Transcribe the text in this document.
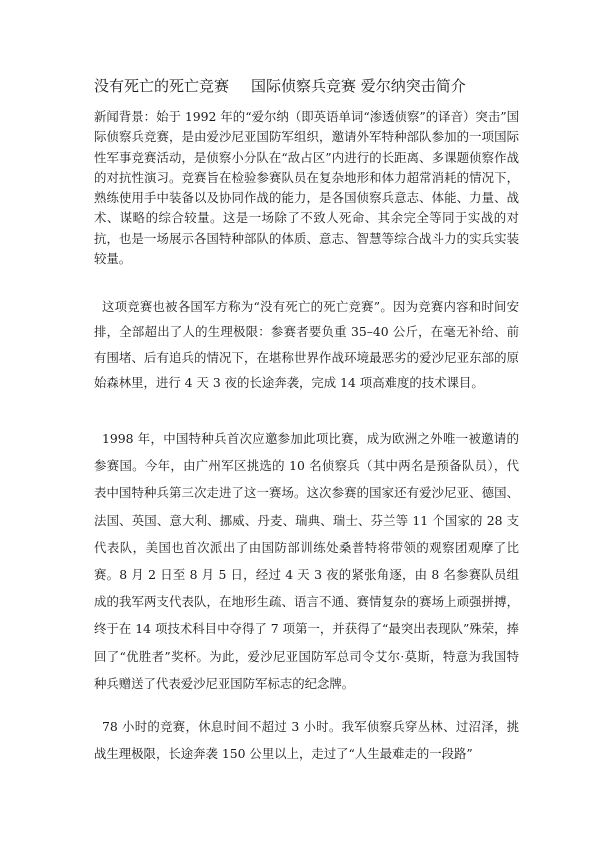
没有死亡的死亡竞赛 国际侦察兵竞赛 爱尔纳突击简介

新闻背景：始于 1992 年的“爱尔纳（即英语单词“渗透侦察”的译音）突击”国际侦察兵竞赛，是由爱沙尼亚国防军组织，邀请外军特种部队参加的一项国际性军事竞赛活动，是侦察小分队在“敌占区”内进行的长距离、多课题侦察作战的对抗性演习。竞赛旨在检验参赛队员在复杂地形和体力超常消耗的情况下，熟练使用手中装备以及协同作战的能力，是各国侦察兵意志、体能、力量、战术、谋略的综合较量。这是一场除了不致人死命、其余完全等同于实战的对抗，也是一场展示各国特种部队的体质、意志、智慧等综合战斗力的实兵实装较量。

这项竞赛也被各国军方称为“没有死亡的死亡竞赛”。因为竞赛内容和时间安排，全部超出了人的生理极限：参赛者要负重 35–40 公斤，在毫无补给、前有围堵、后有追兵的情况下，在堪称世界作战环境最恶劣的爱沙尼亚东部的原始森林里，进行 4 天 3 夜的长途奔袭，完成 14 项高难度的技术课目。

1998 年，中国特种兵首次应邀参加此项比赛，成为欧洲之外唯一被邀请的参赛国。今年，由广州军区挑选的 10 名侦察兵（其中两名是预备队员），代表中国特种兵第三次走进了这一赛场。这次参赛的国家还有爱沙尼亚、德国、法国、英国、意大利、挪威、丹麦、瑞典、瑞士、芬兰等 11 个国家的 28 支代表队，美国也首次派出了由国防部训练处桑普特将带领的观察团观摩了比赛。8 月 2 日至 8 月 5 日，经过 4 天 3 夜的紧张角逐，由 8 名参赛队员组成的我军两支代表队，在地形生疏、语言不通、赛情复杂的赛场上顽强拼搏，终于在 14 项技术科目中夺得了 7 项第一，并获得了“最突出表现队”殊荣，捧回了“优胜者”奖杯。为此，爱沙尼亚国防军总司令艾尔·莫斯，特意为我国特种兵赠送了代表爱沙尼亚国防军标志的纪念牌。

78 小时的竞赛，休息时间不超过 3 小时。我军侦察兵穿丛林、过沼泽，挑战生理极限，长途奔袭 150 公里以上，走过了“人生最难走的一段路”
